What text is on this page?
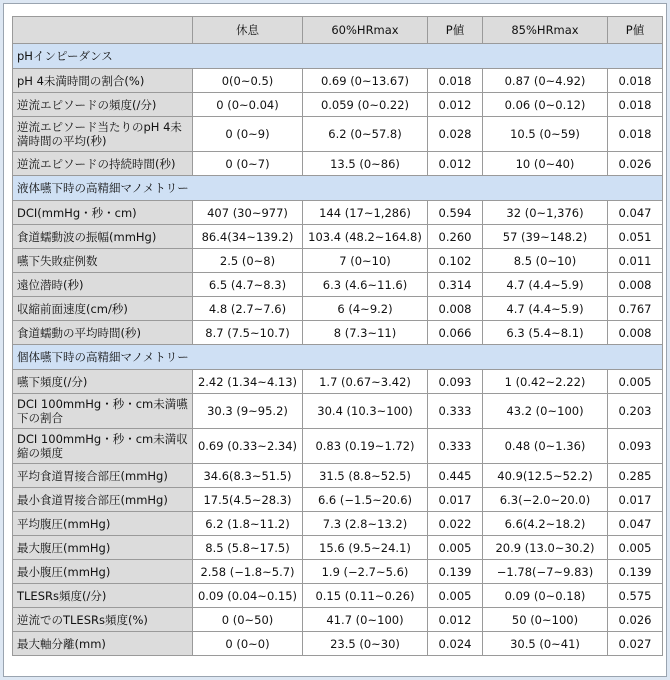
	休息	60%HRmax	P値	85%HRmax	P値
pHインピーダンス					
pH 4未満時間の割合(%)	0(0~0.5)	0.69 (0~13.67)	0.018	0.87 (0~4.92)	0.018
逆流エピソードの頻度(/分)	0 (0~0.04)	0.059 (0~0.22)	0.012	0.06 (0~0.12)	0.018
逆流エピソード当たりのpH 4未満時間の平均(秒)	0 (0~9)	6.2 (0~57.8)	0.028	10.5 (0~59)	0.018
逆流エピソードの持続時間(秒)	0 (0~7)	13.5 (0~86)	0.012	10 (0~40)	0.026
液体嚥下時の高精細マノメトリー					
DCI(mmHg・秒・cm)	407 (30~977)	144 (17~1,286)	0.594	32 (0~1,376)	0.047
食道蠕動波の振幅(mmHg)	86.4(34~139.2)	103.4 (48.2~164.8)	0.260	57 (39~148.2)	0.051
嚥下失敗症例数	2.5 (0~8)	7 (0~10)	0.102	8.5 (0~10)	0.011
遠位潜時(秒)	6.5 (4.7~8.3)	6.3 (4.6~11.6)	0.314	4.7 (4.4~5.9)	0.008
収縮前面速度(cm/秒)	4.8 (2.7~7.6)	6 (4~9.2)	0.008	4.7 (4.4~5.9)	0.767
食道蠕動の平均時間(秒)	8.7 (7.5~10.7)	8 (7.3~11)	0.066	6.3 (5.4~8.1)	0.008
個体嚥下時の高精細マノメトリー					
嚥下頻度(/分)	2.42 (1.34~4.13)	1.7 (0.67~3.42)	0.093	1 (0.42~2.22)	0.005
DCI 100mmHg・秒・cm未満嚥下の割合	30.3 (9~95.2)	30.4 (10.3~100)	0.333	43.2 (0~100)	0.203
DCI 100mmHg・秒・cm未満収縮の頻度	0.69 (0.33~2.34)	0.83 (0.19~1.72)	0.333	0.48 (0~1.36)	0.093
平均食道胃接合部圧(mmHg)	34.6(8.3~51.5)	31.5 (8.8~52.5)	0.445	40.9(12.5~52.2)	0.285
最小食道胃接合部圧(mmHg)	17.5(4.5~28.3)	6.6 (−1.5~20.6)	0.017	6.3(−2.0~20.0)	0.017
平均腹圧(mmHg)	6.2 (1.8~11.2)	7.3 (2.8~13.2)	0.022	6.6(4.2~18.2)	0.047
最大腹圧(mmHg)	8.5 (5.8~17.5)	15.6 (9.5~24.1)	0.005	20.9 (13.0~30.2)	0.005
最小腹圧(mmHg)	2.58 (−1.8~5.7)	1.9 (−2.7~5.6)	0.139	−1.78(−7~9.83)	0.139
TLESRs頻度(/分)	0.09 (0.04~0.15)	0.15 (0.11~0.26)	0.005	0.09 (0~0.18)	0.575
逆流でのTLESRs頻度(%)	0 (0~50)	41.7 (0~100)	0.012	50 (0~100)	0.026
最大軸分離(mm)	0 (0~0)	23.5 (0~30)	0.024	30.5 (0~41)	0.027
